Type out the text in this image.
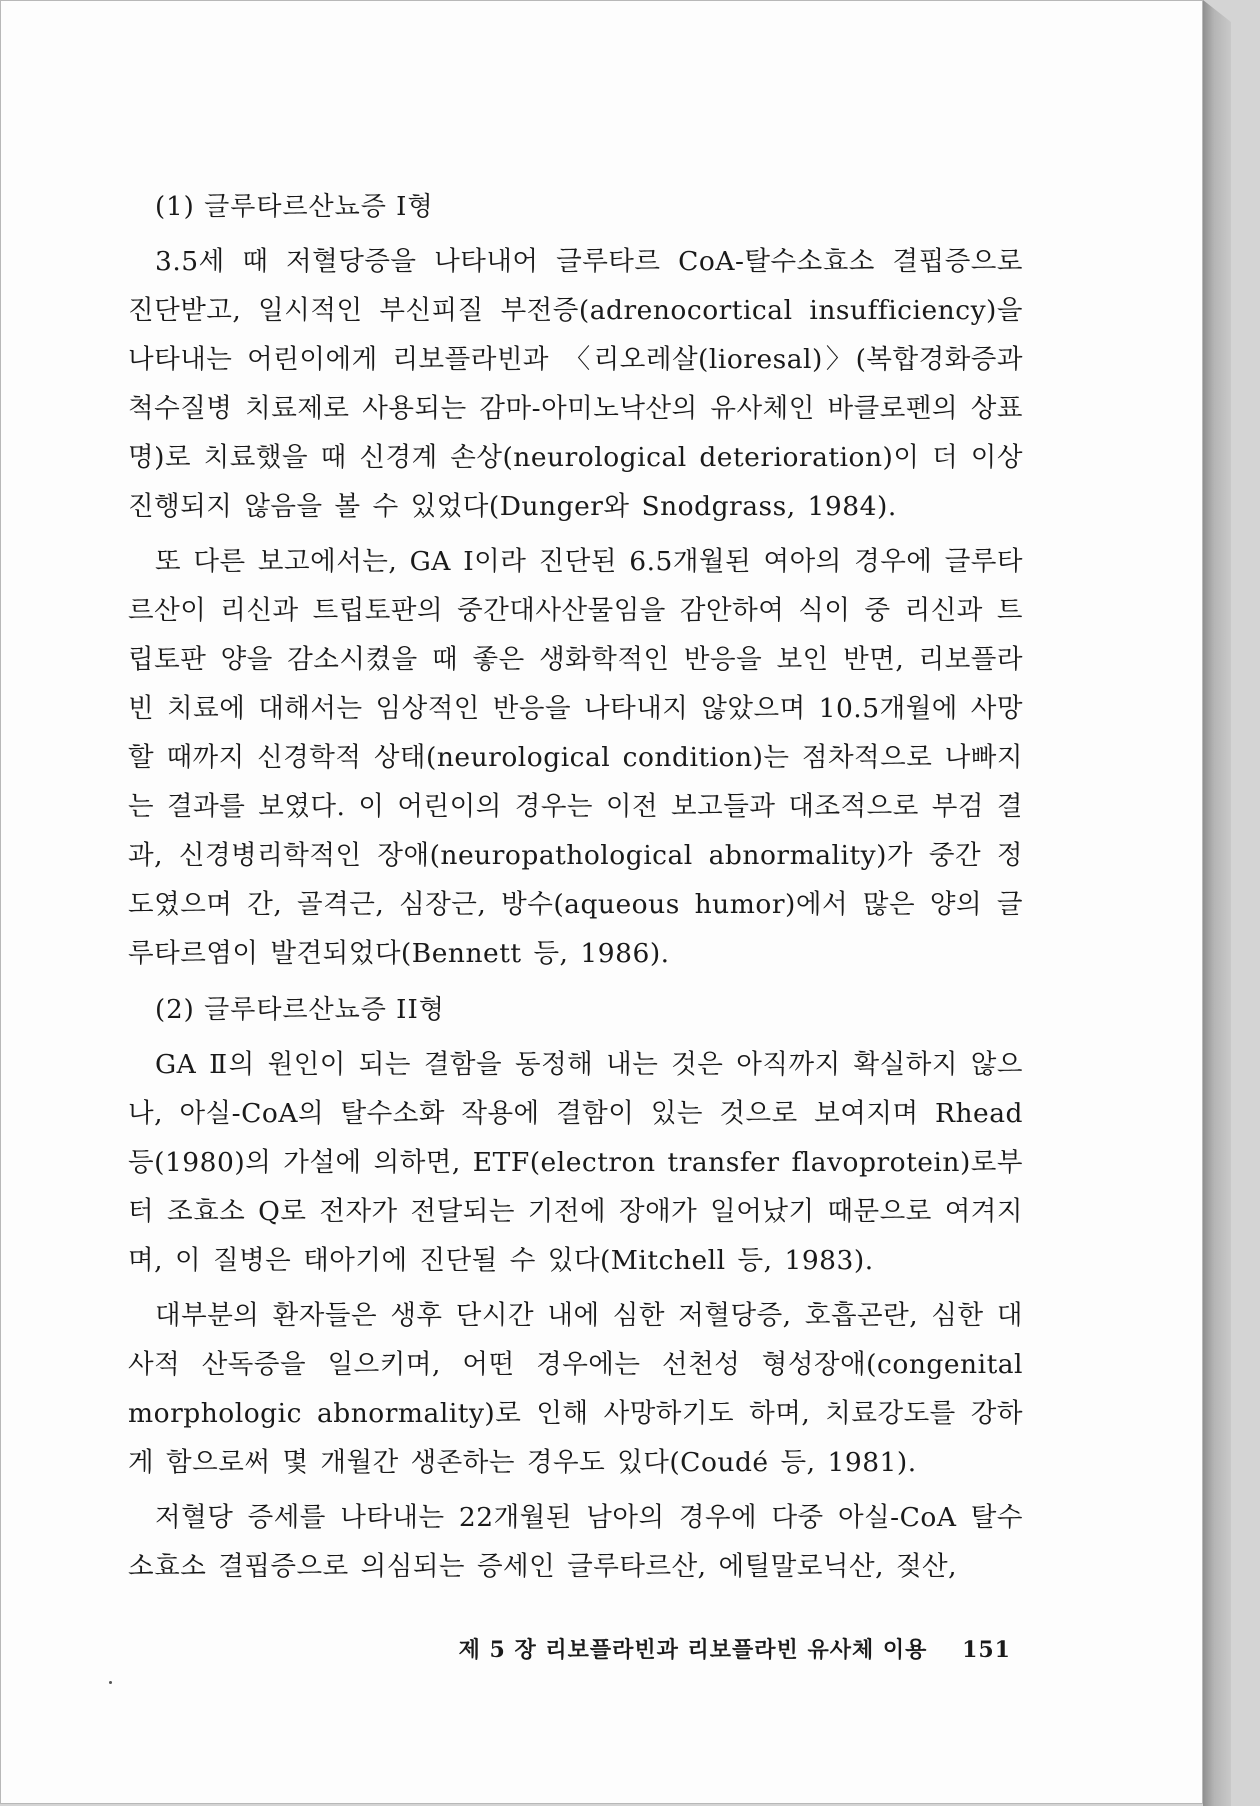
(1) 글루타르산뇨증 I형

3.5세 때 저혈당증을 나타내어 글루타르 CoA-탈수소효소 결핍증으로 진단받고, 일시적인 부신피질 부전증(adrenocortical insufficiency)을 나타내는 어린이에게 리보플라빈과 〈리오레살(lioresal)〉(복합경화증과 척수질병 치료제로 사용되는 감마-아미노낙산의 유사체인 바클로펜의 상표명)로 치료했을 때 신경계 손상(neurological deterioration)이 더 이상 진행되지 않음을 볼 수 있었다(Dunger와 Snodgrass, 1984).

또 다른 보고에서는, GA I이라 진단된 6.5개월된 여아의 경우에 글루타르산이 리신과 트립토판의 중간대사산물임을 감안하여 식이 중 리신과 트립토판 양을 감소시켰을 때 좋은 생화학적인 반응을 보인 반면, 리보플라빈 치료에 대해서는 임상적인 반응을 나타내지 않았으며 10.5개월에 사망할 때까지 신경학적 상태(neurological condition)는 점차적으로 나빠지는 결과를 보였다. 이 어린이의 경우는 이전 보고들과 대조적으로 부검 결과, 신경병리학적인 장애(neuropathological abnormality)가 중간 정도였으며 간, 골격근, 심장근, 방수(aqueous humor)에서 많은 양의 글루타르염이 발견되었다(Bennett 등, 1986).

(2) 글루타르산뇨증 II형

GA Ⅱ의 원인이 되는 결함을 동정해 내는 것은 아직까지 확실하지 않으나, 아실-CoA의 탈수소화 작용에 결함이 있는 것으로 보여지며 Rhead 등(1980)의 가설에 의하면, ETF(electron transfer flavoprotein)로부터 조효소 Q로 전자가 전달되는 기전에 장애가 일어났기 때문으로 여겨지며, 이 질병은 태아기에 진단될 수 있다(Mitchell 등, 1983).

대부분의 환자들은 생후 단시간 내에 심한 저혈당증, 호흡곤란, 심한 대사적 산독증을 일으키며, 어떤 경우에는 선천성 형성장애(congenital morphologic abnormality)로 인해 사망하기도 하며, 치료강도를 강하게 함으로써 몇 개월간 생존하는 경우도 있다(Coudé 등, 1981).

저혈당 증세를 나타내는 22개월된 남아의 경우에 다중 아실-CoA 탈수소효소 결핍증으로 의심되는 증세인 글루타르산, 에틸말로닉산, 젖산,

제 5 장 리보플라빈과 리보플라빈 유사체 이용 151
